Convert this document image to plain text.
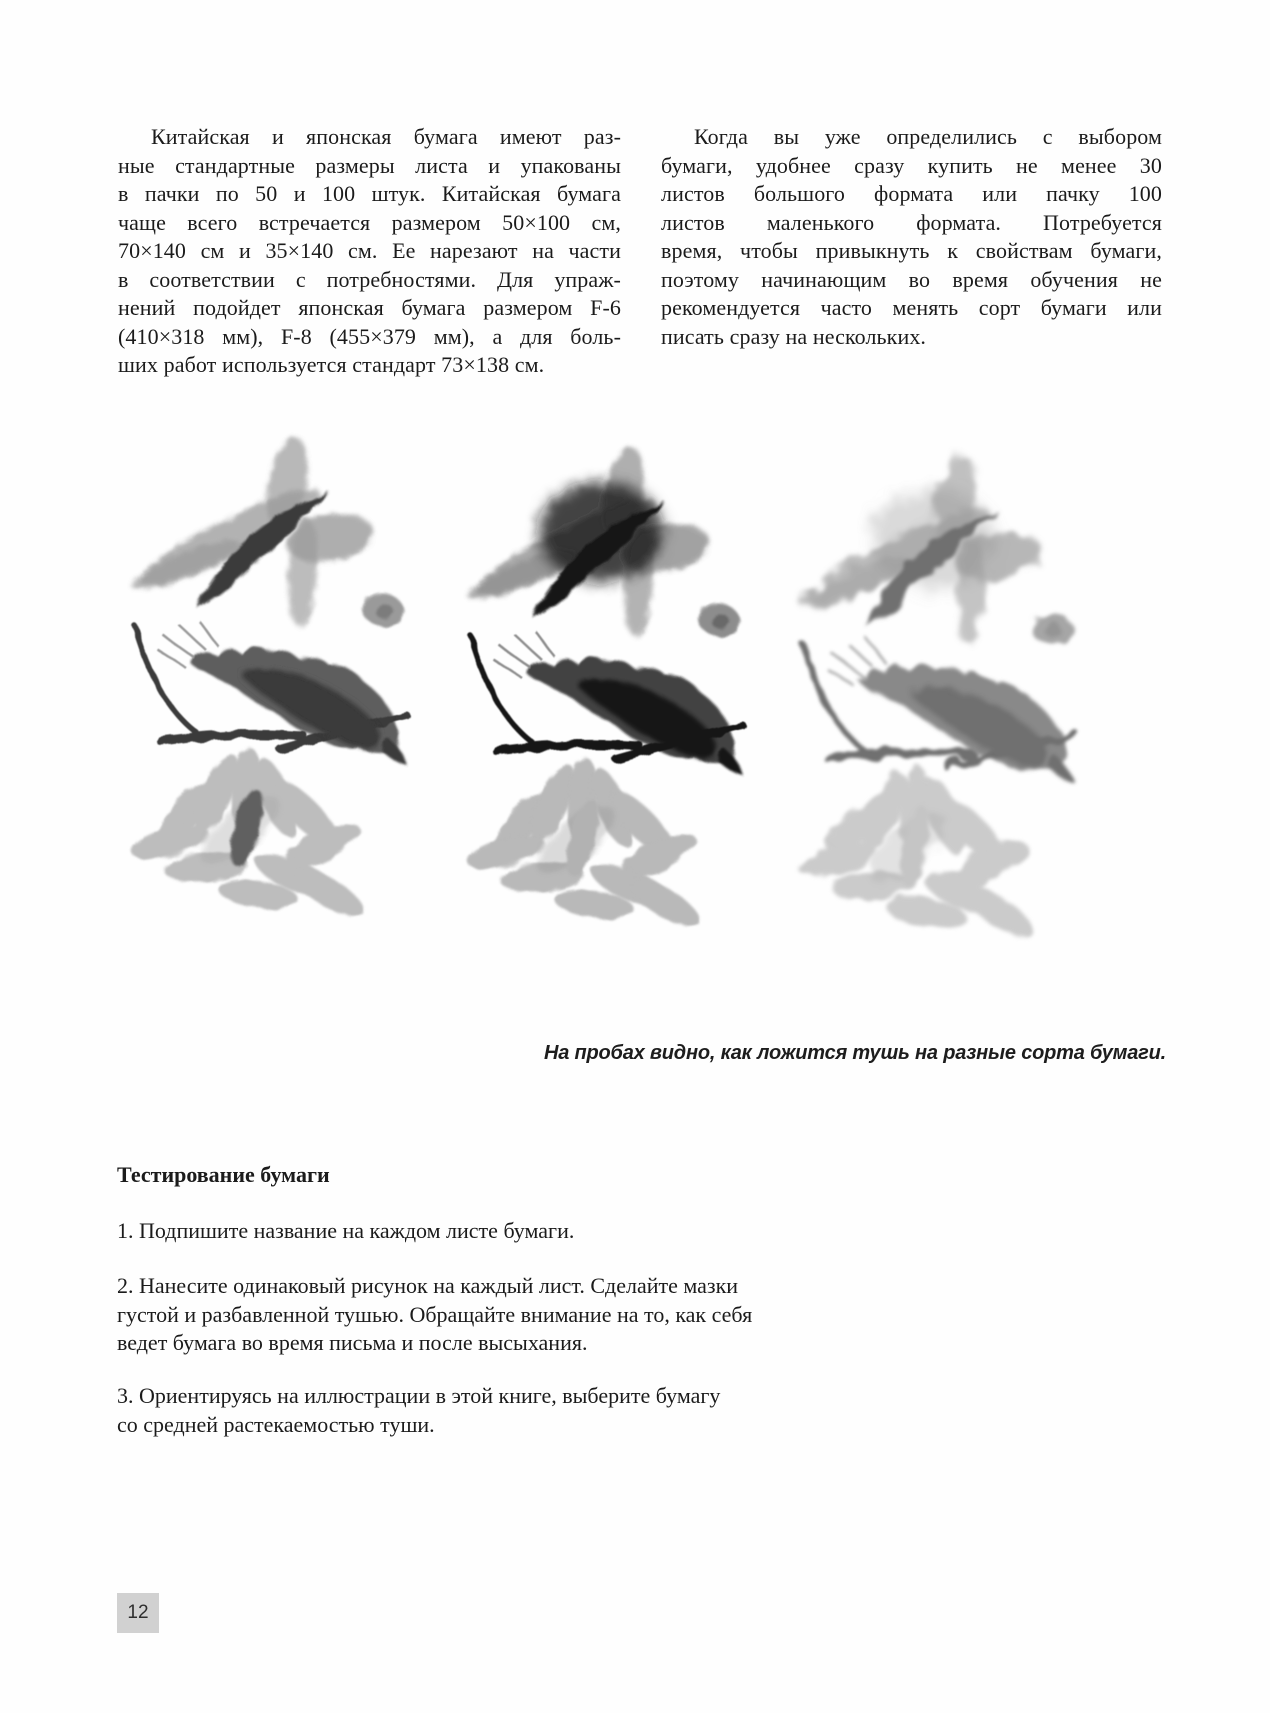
Китайская и японская бумага имеют раз-
ные стандартные размеры листа и упакованы
в пачки по 50 и 100 штук. Китайская бумага
чаще всего встречается размером 50×100 см,
70×140 см и 35×140 см. Ее нарезают на части
в соответствии с потребностями. Для упраж-
нений подойдет японская бумага размером F-6
(410×318 мм), F-8 (455×379 мм), а для боль-
ших работ используется стандарт 73×138 см.
Когда вы уже определились с выбором
бумаги, удобнее сразу купить не менее 30
листов большого формата или пачку 100
листов маленького формата. Потребуется
время, чтобы привыкнуть к свойствам бумаги,
поэтому начинающим во время обучения не
рекомендуется часто менять сорт бумаги или
писать сразу на нескольких.
На пробах видно, как ложится тушь на разные сорта бумаги.
Тестирование бумаги
1. Подпишите название на каждом листе бумаги.
2. Нанесите одинаковый рисунок на каждый лист. Сделайте мазки
густой и разбавленной тушью. Обращайте внимание на то, как себя
ведет бумага во время письма и после высыхания.
3. Ориентируясь на иллюстрации в этой книге, выберите бумагу
со средней растекаемостью туши.
12
